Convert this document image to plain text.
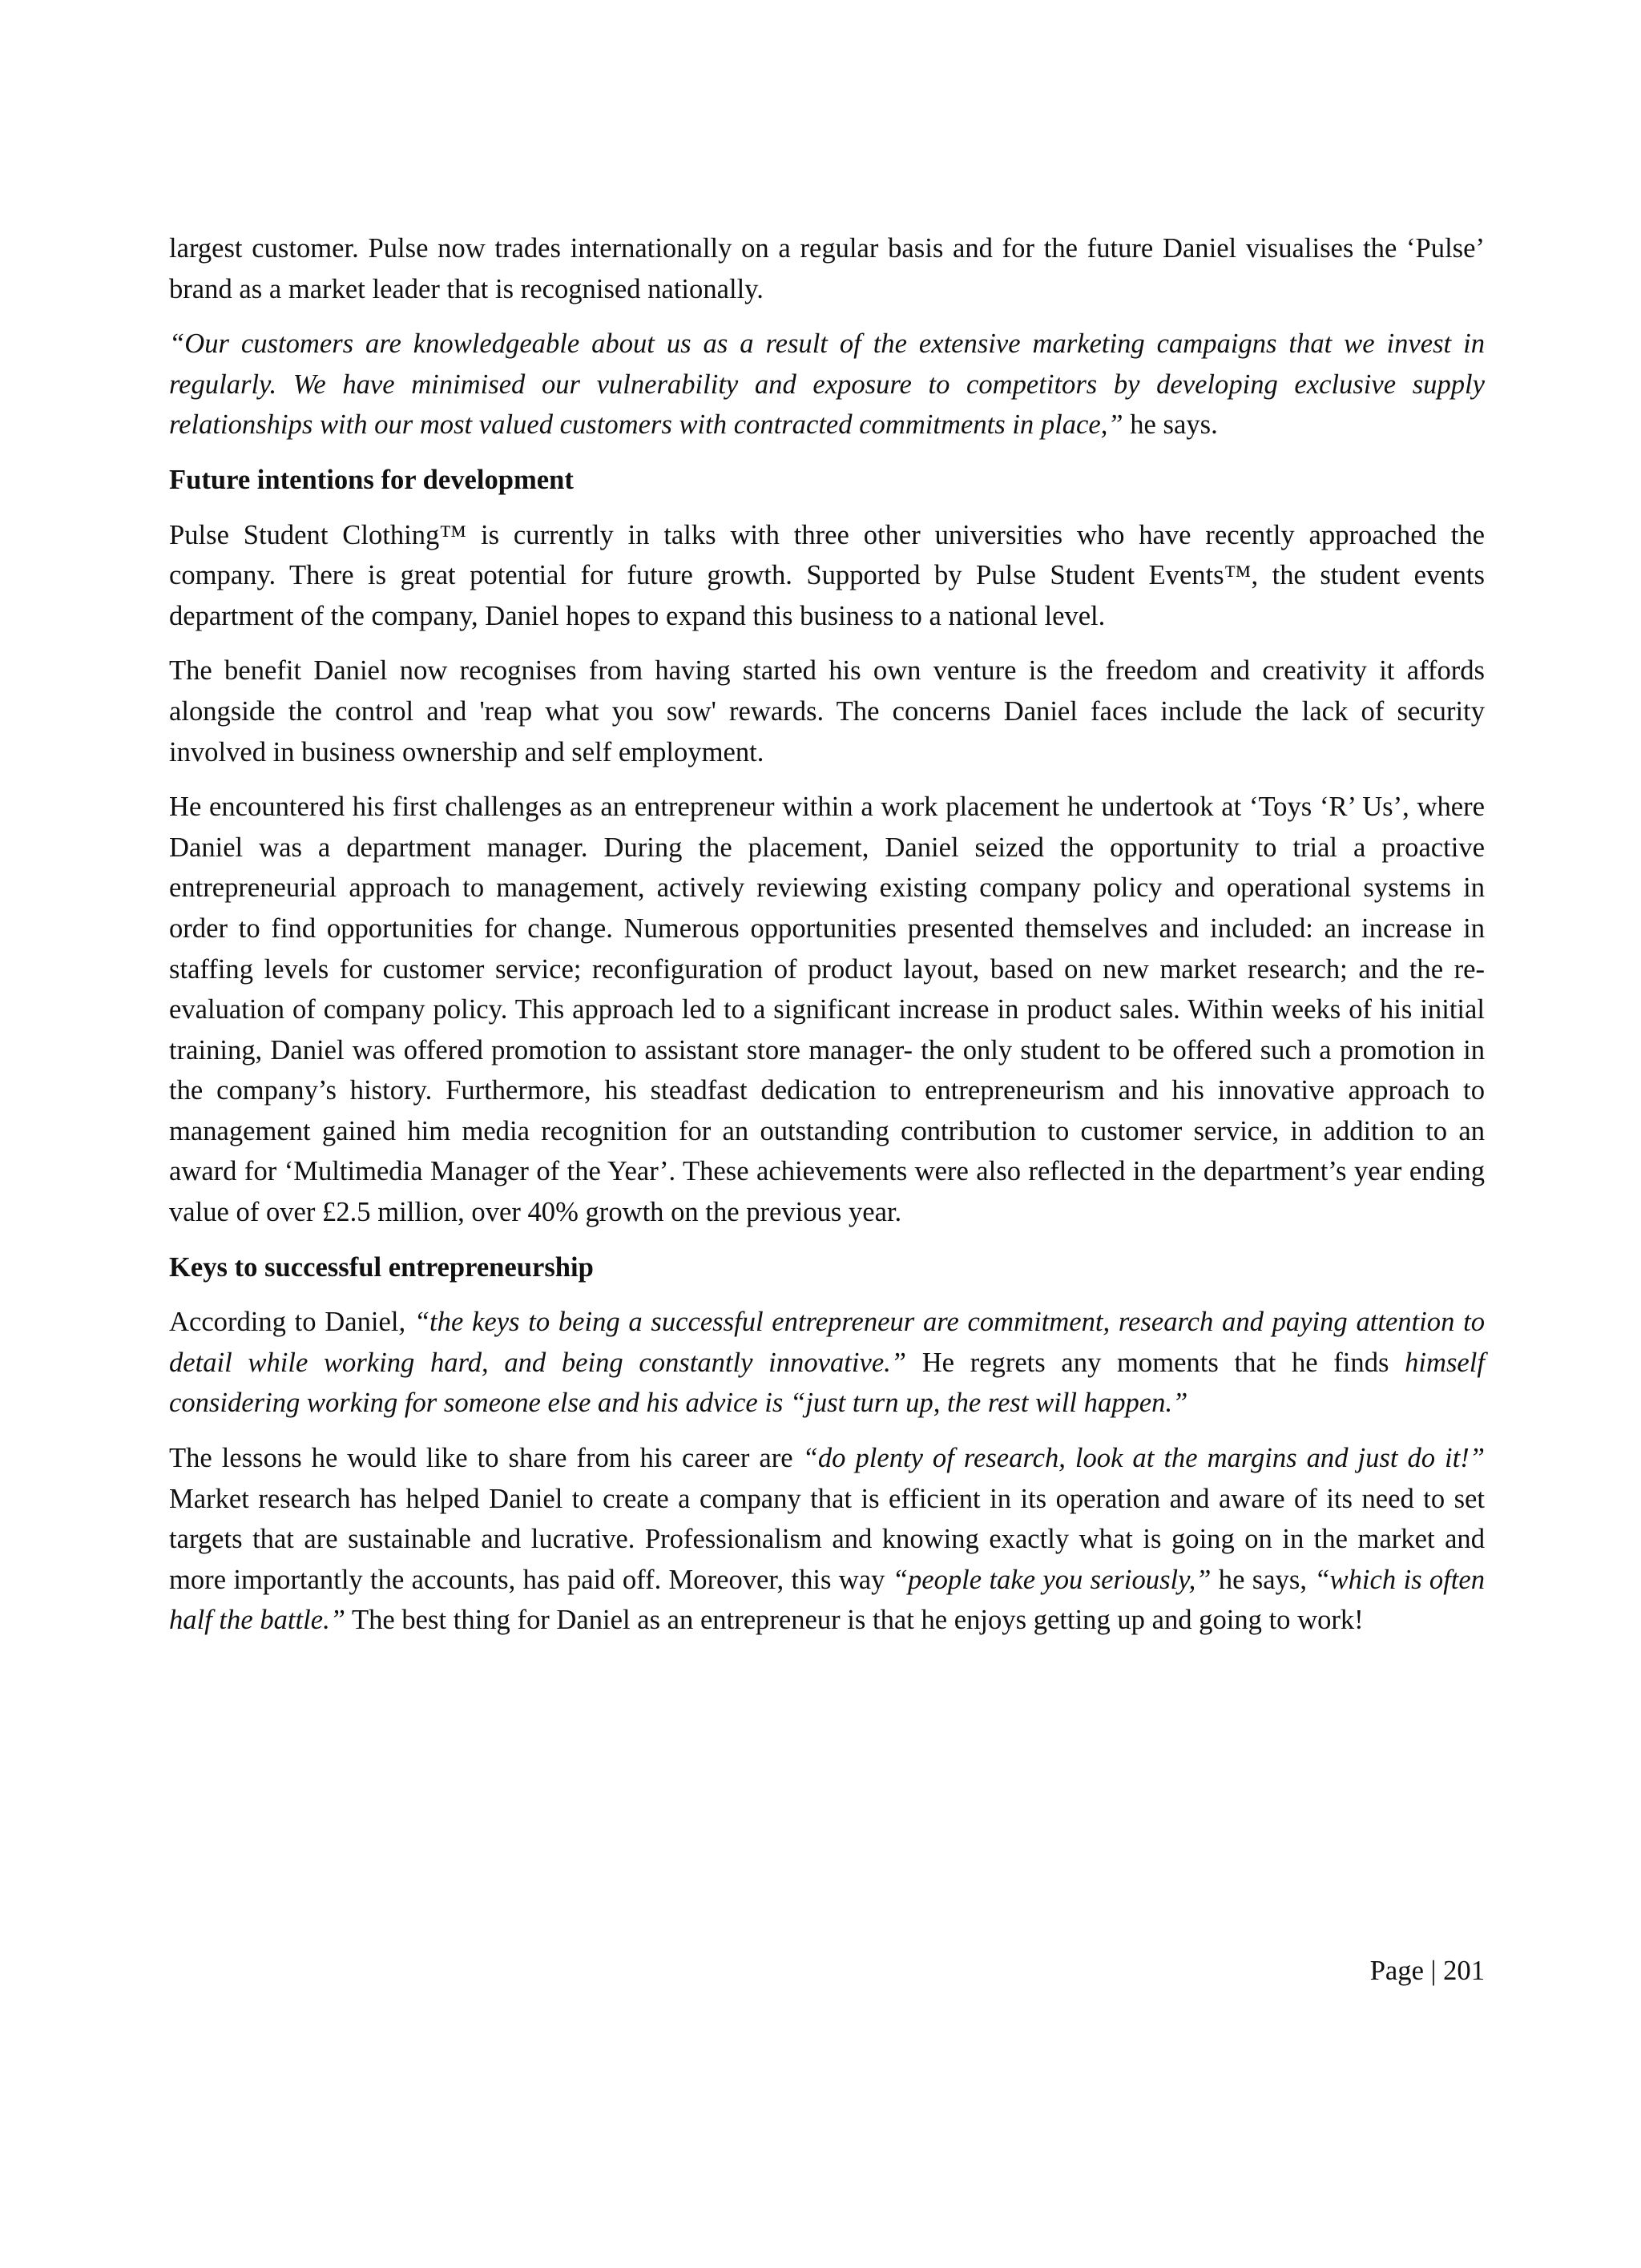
largest customer. Pulse now trades internationally on a regular basis and for the future Daniel visualises the ‘Pulse’ brand as a market leader that is recognised nationally.

“Our customers are knowledgeable about us as a result of the extensive marketing campaigns that we invest in regularly. We have minimised our vulnerability and exposure to competitors by developing exclusive supply relationships with our most valued customers with contracted commitments in place,” he says.

Future intentions for development

Pulse Student Clothing™ is currently in talks with three other universities who have recently approached the company. There is great potential for future growth. Supported by Pulse Student Events™, the student events department of the company, Daniel hopes to expand this business to a national level.

The benefit Daniel now recognises from having started his own venture is the freedom and creativity it affords alongside the control and 'reap what you sow' rewards. The concerns Daniel faces include the lack of security involved in business ownership and self employment.

He encountered his first challenges as an entrepreneur within a work placement he undertook at ‘Toys ‘R’ Us’, where Daniel was a department manager. During the placement, Daniel seized the opportunity to trial a proactive entrepreneurial approach to management, actively reviewing existing company policy and operational systems in order to find opportunities for change. Numerous opportunities presented themselves and included: an increase in staffing levels for customer service; reconfiguration of product layout, based on new market research; and the re-evaluation of company policy. This approach led to a significant increase in product sales. Within weeks of his initial training, Daniel was offered promotion to assistant store manager- the only student to be offered such a promotion in the company’s history. Furthermore, his steadfast dedication to entrepreneurism and his innovative approach to management gained him media recognition for an outstanding contribution to customer service, in addition to an award for ‘Multimedia Manager of the Year’. These achievements were also reflected in the department’s year ending value of over £2.5 million, over 40% growth on the previous year.

Keys to successful entrepreneurship

According to Daniel, “the keys to being a successful entrepreneur are commitment, research and paying attention to detail while working hard, and being constantly innovative.” He regrets any moments that he finds himself considering working for someone else and his advice is “just turn up, the rest will happen.”

The lessons he would like to share from his career are “do plenty of research, look at the margins and just do it!” Market research has helped Daniel to create a company that is efficient in its operation and aware of its need to set targets that are sustainable and lucrative. Professionalism and knowing exactly what is going on in the market and more importantly the accounts, has paid off. Moreover, this way “people take you seriously,” he says, “which is often half the battle.” The best thing for Daniel as an entrepreneur is that he enjoys getting up and going to work!

Page | 201
